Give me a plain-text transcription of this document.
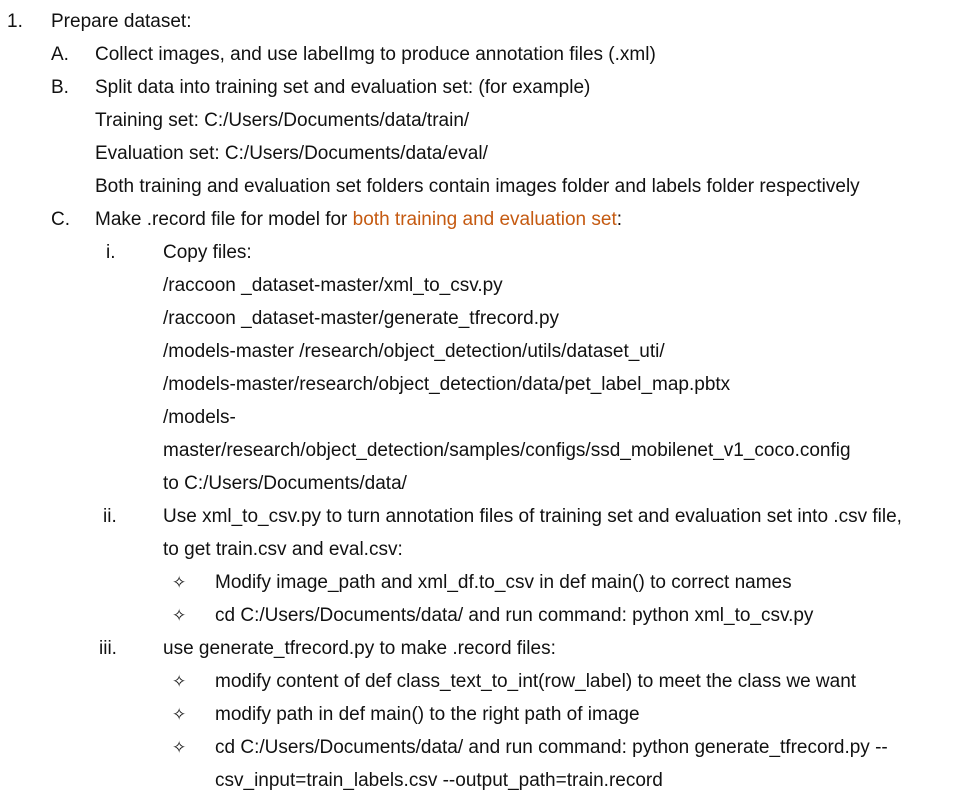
1. Prepare dataset:
A. Collect images, and use labelImg to produce annotation files (.xml)
B. Split data into training set and evaluation set: (for example)
Training set: C:/Users/Documents/data/train/
Evaluation set: C:/Users/Documents/data/eval/
Both training and evaluation set folders contain images folder and labels folder respectively
C. Make .record file for model for both training and evaluation set:
i.	Copy files:
/raccoon _dataset-master/xml_to_csv.py
/raccoon _dataset-master/generate_tfrecord.py
/models-master /research/object_detection/utils/dataset_uti/
/models-master/research/object_detection/data/pet_label_map.pbtx
/models-
master/research/object_detection/samples/configs/ssd_mobilenet_v1_coco.config
to C:/Users/Documents/data/
ii. Use xml_to_csv.py to turn annotation files of training set and evaluation set into .csv file,
to get train.csv and eval.csv:
✧ Modify image_path and xml_df.to_csv in def main() to correct names
✧ cd C:/Users/Documents/data/ and run command: python xml_to_csv.py
iii. use generate_tfrecord.py to make .record files:
✧ modify content of def class_text_to_int(row_label) to meet the class we want
✧ modify path in def main() to the right path of image
✧ cd C:/Users/Documents/data/ and run command: python generate_tfrecord.py --
csv_input=train_labels.csv --output_path=train.record
